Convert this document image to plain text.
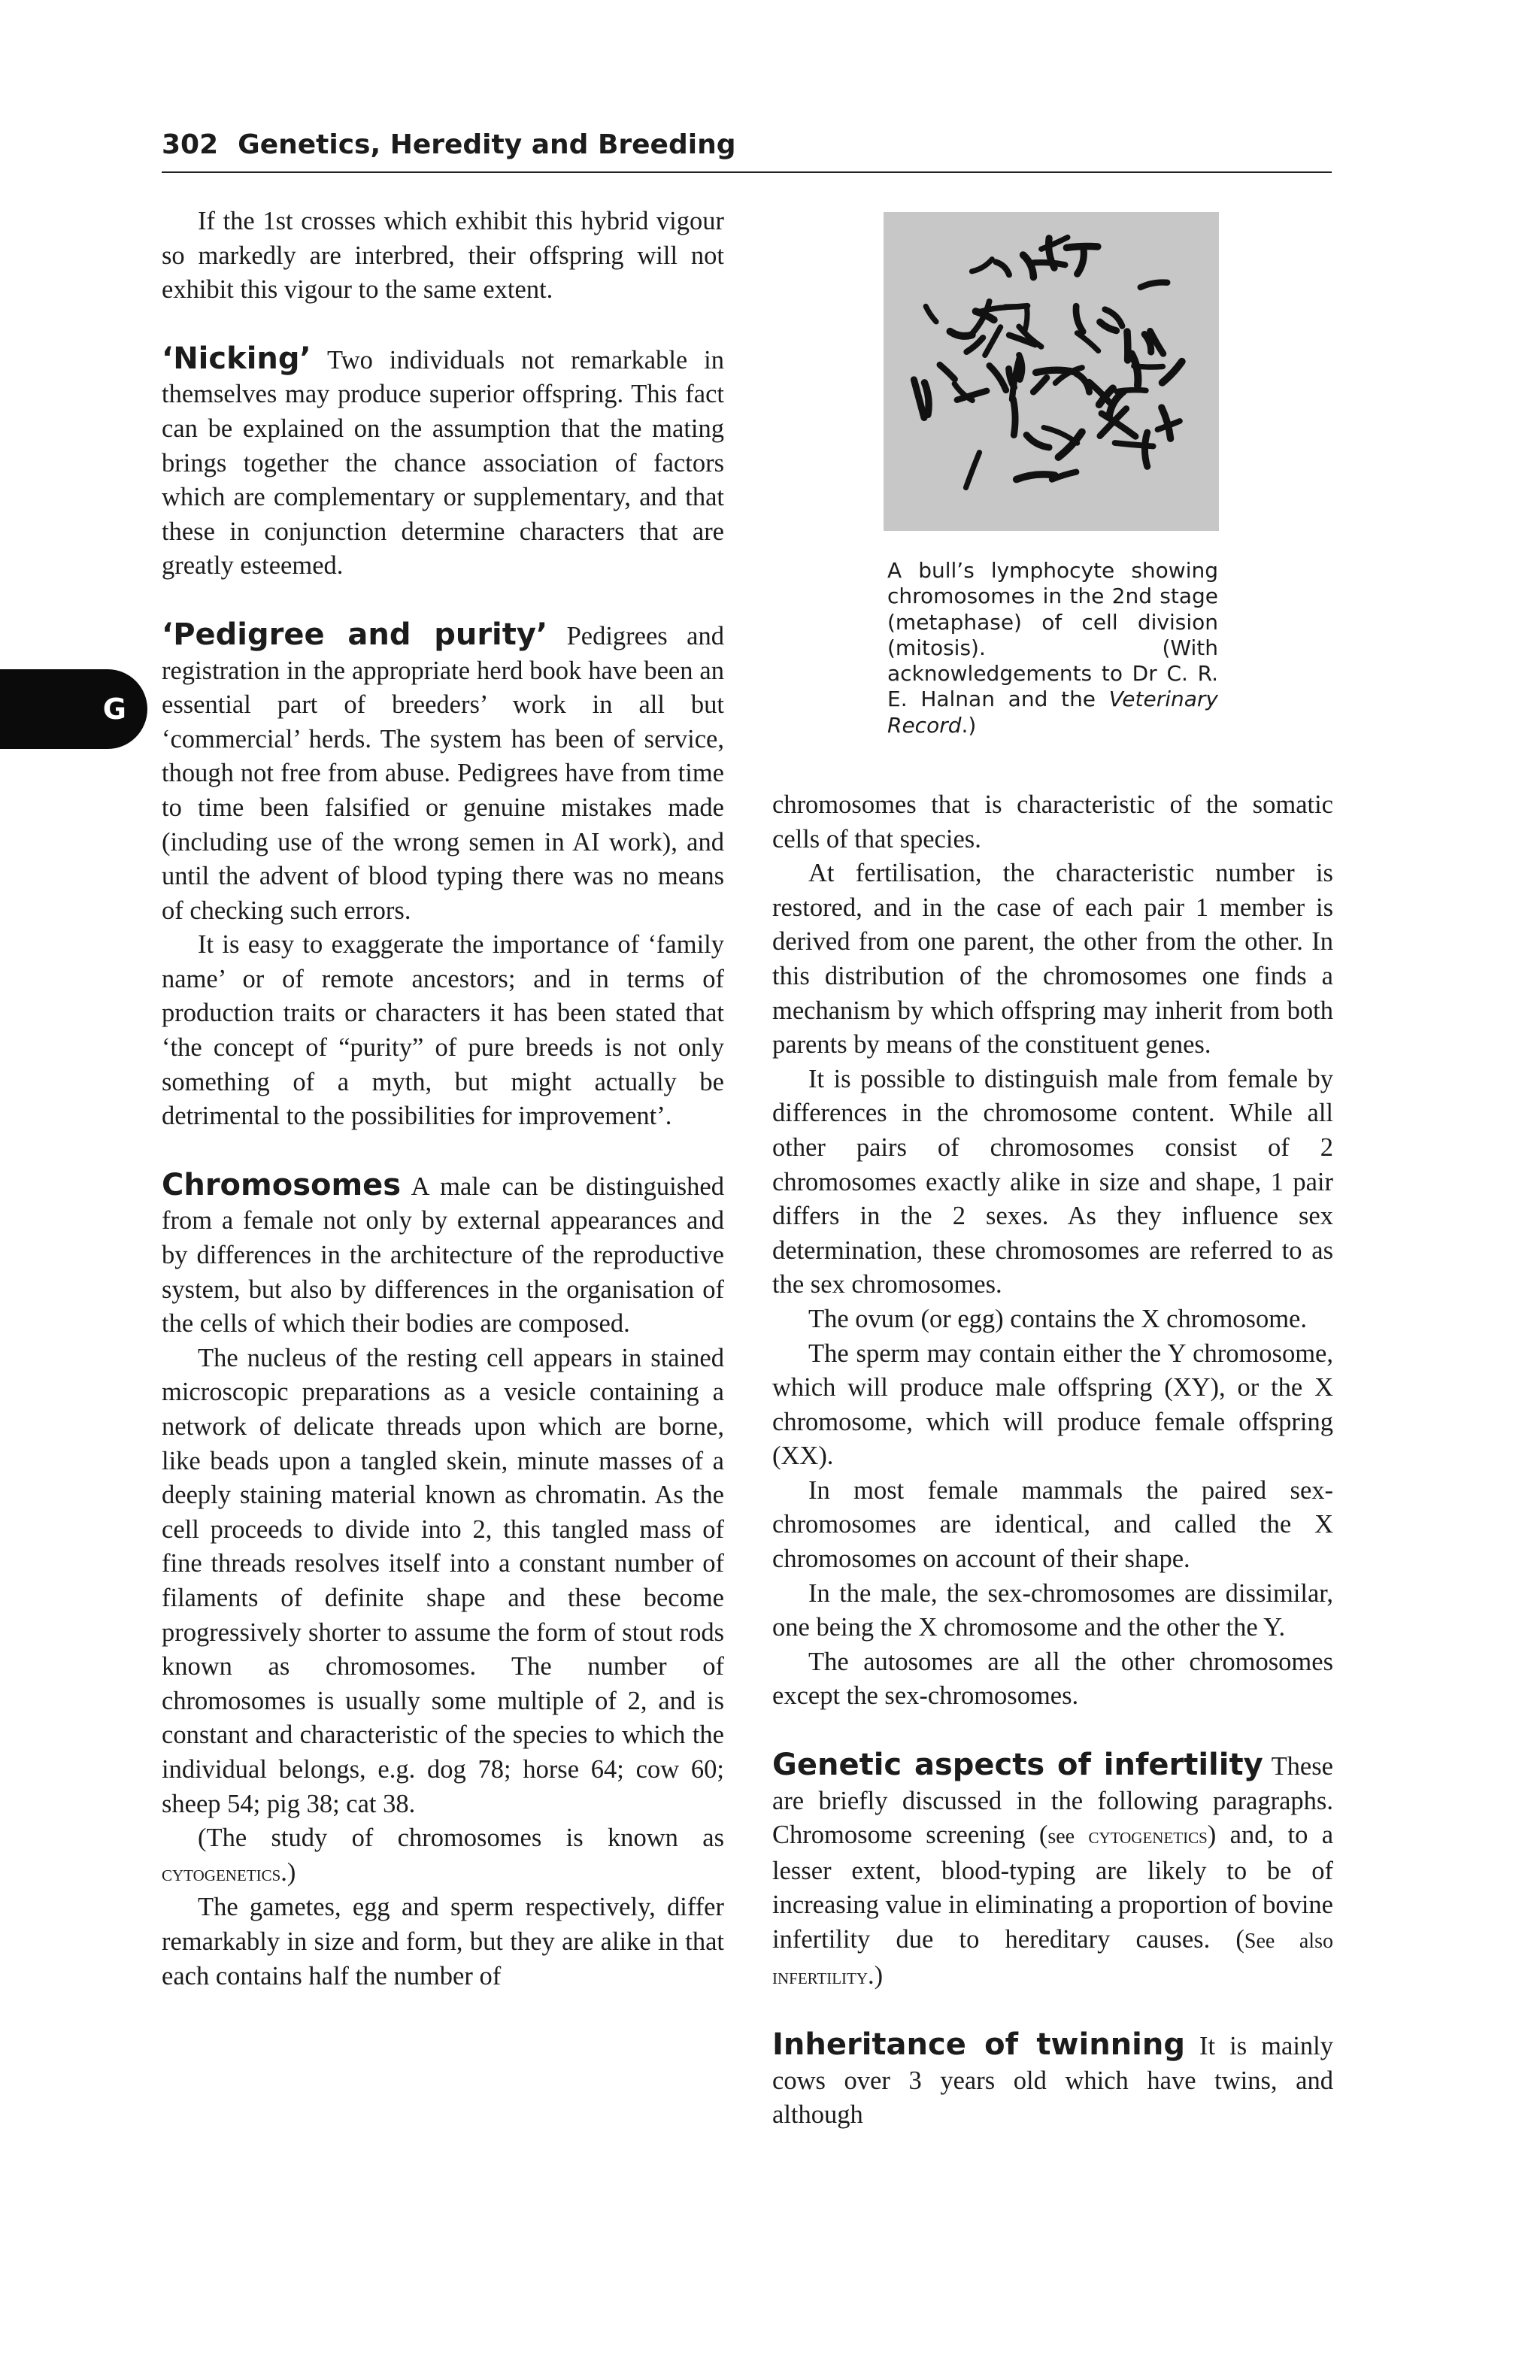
302 Genetics, Heredity and Breeding
G

If the 1st crosses which exhibit this hybrid vigour so markedly are interbred, their offspring will not exhibit this vigour to the same extent.

‘Nicking’ Two individuals not remarkable in themselves may produce superior offspring. This fact can be explained on the assumption that the mating brings together the chance association of factors which are complementary or supplementary, and that these in conjunction determine characters that are greatly esteemed.

‘Pedigree and purity’ Pedigrees and registration in the appropriate herd book have been an essential part of breeders’ work in all but ‘commercial’ herds. The system has been of service, though not free from abuse. Pedigrees have from time to time been falsified or genuine mistakes made (including use of the wrong semen in AI work), and until the advent of blood typing there was no means of checking such errors.

It is easy to exaggerate the importance of ‘family name’ or of remote ancestors; and in terms of production traits or characters it has been stated that ‘the concept of “purity” of pure breeds is not only something of a myth, but might actually be detrimental to the possibilities for improvement’.

Chromosomes A male can be distinguished from a female not only by external appearances and by differences in the architecture of the reproductive system, but also by differences in the organisation of the cells of which their bodies are composed.

The nucleus of the resting cell appears in stained microscopic preparations as a vesicle containing a network of delicate threads upon which are borne, like beads upon a tangled skein, minute masses of a deeply staining material known as chromatin. As the cell proceeds to divide into 2, this tangled mass of fine threads resolves itself into a constant number of filaments of definite shape and these become progressively shorter to assume the form of stout rods known as chromosomes. The number of chromosomes is usually some multiple of 2, and is constant and characteristic of the species to which the individual belongs, e.g. dog 78; horse 64; cow 60; sheep 54; pig 38; cat 38.

(The study of chromosomes is known as cytogenetics.)

The gametes, egg and sperm respectively, differ remarkably in size and form, but they are alike in that each contains half the number of

A bull’s lymphocyte showing chromosomes in the 2nd stage (metaphase) of cell division (mitosis). (With acknowledgements to Dr C. R. E. Halnan and the Veterinary Record.)

chromosomes that is characteristic of the somatic cells of that species.

At fertilisation, the characteristic number is restored, and in the case of each pair 1 member is derived from one parent, the other from the other. In this distribution of the chromosomes one finds a mechanism by which offspring may inherit from both parents by means of the constituent genes.

It is possible to distinguish male from female by differences in the chromosome content. While all other pairs of chromosomes consist of 2 chromosomes exactly alike in size and shape, 1 pair differs in the 2 sexes. As they influence sex determination, these chromosomes are referred to as the sex chromosomes.

The ovum (or egg) contains the X chromosome.

The sperm may contain either the Y chromosome, which will produce male offspring (XY), or the X chromosome, which will produce female offspring (XX).

In most female mammals the paired sex-chromosomes are identical, and called the X chromosomes on account of their shape.

In the male, the sex-chromosomes are dissimilar, one being the X chromosome and the other the Y.

The autosomes are all the other chromosomes except the sex-chromosomes.

Genetic aspects of infertility These are briefly discussed in the following paragraphs. Chromosome screening (see cytogenetics) and, to a lesser extent, blood-typing are likely to be of increasing value in eliminating a proportion of bovine infertility due to hereditary causes. (See also infertility.)

Inheritance of twinning It is mainly cows over 3 years old which have twins, and although
